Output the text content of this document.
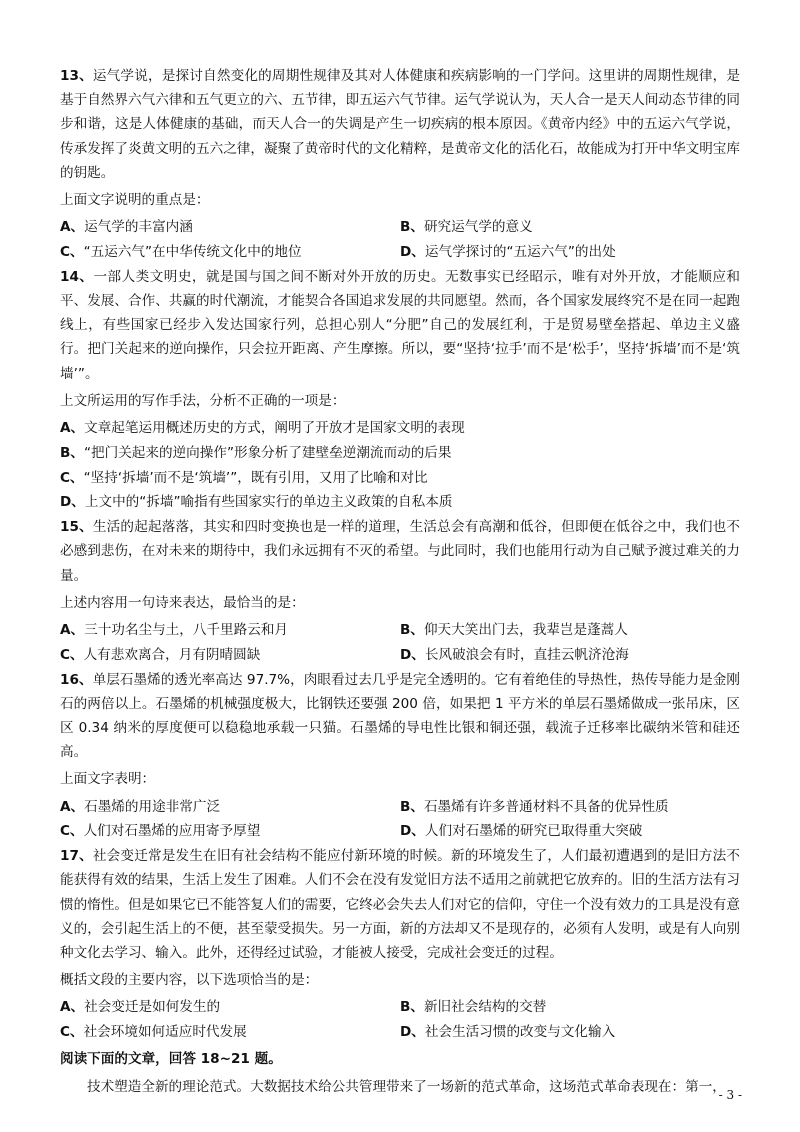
13、运气学说，是探讨自然变化的周期性规律及其对人体健康和疾病影响的一门学问。这里讲的周期性规律，是基于自然界六气六律和五气更立的六、五节律，即五运六气节律。运气学说认为，天人合一是天人间动态节律的同步和谐，这是人体健康的基础，而天人合一的失调是产生一切疾病的根本原因。《黄帝内经》中的五运六气学说，传承发挥了炎黄文明的五六之律，凝聚了黄帝时代的文化精粹，是黄帝文化的活化石，故能成为打开中华文明宝库的钥匙。

上面文字说明的重点是：

A、运气学的丰富内涵	B、研究运气学的意义
C、“五运六气”在中华传统文化中的地位	D、运气学探讨的“五运六气”的出处

14、一部人类文明史，就是国与国之间不断对外开放的历史。无数事实已经昭示，唯有对外开放，才能顺应和平、发展、合作、共赢的时代潮流，才能契合各国追求发展的共同愿望。然而，各个国家发展终究不是在同一起跑线上，有些国家已经步入发达国家行列，总担心别人“分肥”自己的发展红利，于是贸易壁垒搭起、单边主义盛行。把门关起来的逆向操作，只会拉开距离、产生摩擦。所以，要“坚持‘拉手’而不是‘松手’，坚持‘拆墙’而不是‘筑墙’”。

上文所运用的写作手法，分析不正确的一项是：

A、文章起笔运用概述历史的方式，阐明了开放才是国家文明的表现
B、“把门关起来的逆向操作”形象分析了建壁垒逆潮流而动的后果
C、“坚持‘拆墙’而不是‘筑墙’”，既有引用，又用了比喻和对比
D、上文中的“拆墙”喻指有些国家实行的单边主义政策的自私本质

15、生活的起起落落，其实和四时变换也是一样的道理，生活总会有高潮和低谷，但即便在低谷之中，我们也不必感到悲伤，在对未来的期待中，我们永远拥有不灭的希望。与此同时，我们也能用行动为自己赋予渡过难关的力量。

上述内容用一句诗来表达，最恰当的是：

A、三十功名尘与土，八千里路云和月	B、仰天大笑出门去，我辈岂是蓬蒿人
C、人有悲欢离合，月有阴晴圆缺	D、长风破浪会有时，直挂云帆济沧海

16、单层石墨烯的透光率高达 97.7%，肉眼看过去几乎是完全透明的。它有着绝佳的导热性，热传导能力是金刚石的两倍以上。石墨烯的机械强度极大，比钢铁还要强 200 倍，如果把 1 平方米的单层石墨烯做成一张吊床，区区 0.34 纳米的厚度便可以稳稳地承载一只猫。石墨烯的导电性比银和铜还强，载流子迁移率比碳纳米管和硅还高。

上面文字表明：

A、石墨烯的用途非常广泛	B、石墨烯有许多普通材料不具备的优异性质
C、人们对石墨烯的应用寄予厚望	D、人们对石墨烯的研究已取得重大突破

17、社会变迁常是发生在旧有社会结构不能应付新环境的时候。新的环境发生了，人们最初遭遇到的是旧方法不能获得有效的结果，生活上发生了困难。人们不会在没有发觉旧方法不适用之前就把它放弃的。旧的生活方法有习惯的惰性。但是如果它已不能答复人们的需要，它终必会失去人们对它的信仰，守住一个没有效力的工具是没有意义的，会引起生活上的不便，甚至蒙受损失。另一方面，新的方法却又不是现存的，必须有人发明，或是有人向别种文化去学习、输入。此外，还得经过试验，才能被人接受，完成社会变迁的过程。

概括文段的主要内容，以下选项恰当的是：

A、社会变迁是如何发生的	B、新旧社会结构的交替
C、社会环境如何适应时代发展	D、社会生活习惯的改变与文化输入

阅读下面的文章，回答 18~21 题。

技术塑造全新的理论范式。大数据技术给公共管理带来了一场新的范式革命，这场范式革命表现在：第一，

- 3 -
